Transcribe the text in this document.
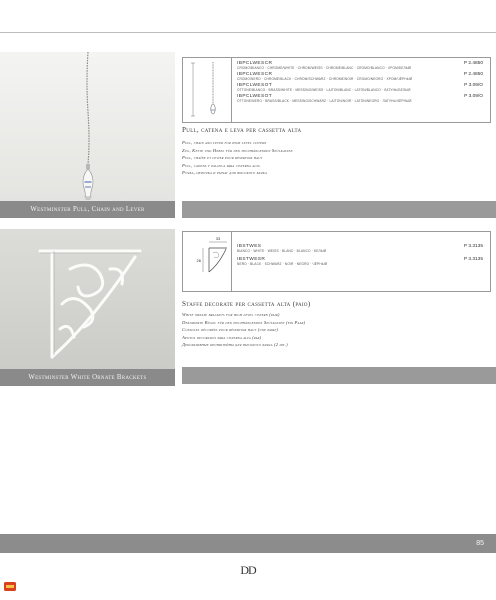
Westminster Pull, Chain and Lever
IBPCLWESCR	P 2.4850
CROMO/BIANCO · CHROME/WHITE · CHROM/WEISS · CHROME/BLANC · CROMO/BLANCO · ХРОМ/БЕЛЫЙ
IBPCLWESCR	P 2.4850
CROMO/NERO · CHROME/BLACK · CHROM/SCHWARZ · CHROME/NOIR · CROMO/NEGRO · ХРОМ/ЧЁРНЫЙ
IBPCLWESOT	P 3.09/O
OTTONE/BIANCO · BRASS/WHITE · MESSING/WEISS · LAITON/BLANC · LATÓN/BLANCO · ЛАТУНЬ/БЕЛЫЙ
IBPCLWESOT	P 3.09/O
OTTONE/NERO · BRASS/BLACK · MESSING/SCHWARZ · LAITON/NOIR · LATÓN/NEGRO · ЛАТУНЬ/ЧЁРНЫЙ
Pull, catena e leva per cassetta alta
Pull, chain and lever for high level cistern
Zug, Kette und Hebel für den hochhängenden Spülkasten
Pull, chaîne et levier pour réservoir haut
Pull, cadena y palanca para cisterna alta
Ручка, цепочка и рычаг для высокого бачка
Westminster White Ornate Brackets
33
26
IBSTWES	P 3.3135
BIANCO · WHITE · WEISS · BLANC · BLANCO · БЕЛЫЙ
IBSTWESR	P 3.3135
NERO · BLACK · SCHWARZ · NOIR · NEGRO · ЧЁРНЫЙ
Staffe decorate per cassetta alta (paio)
White ornate brackets for high level cistern (pair)
Dekorierte Bügel für den hochhängenden Spülkasten (ein Paar)
Consoles décorées pour réservoir haut (une paire)
Apoyos decorados para cisterna alta (par)
Декоративные кронштейны для высокого бачка (2 шт.)
85
DD
